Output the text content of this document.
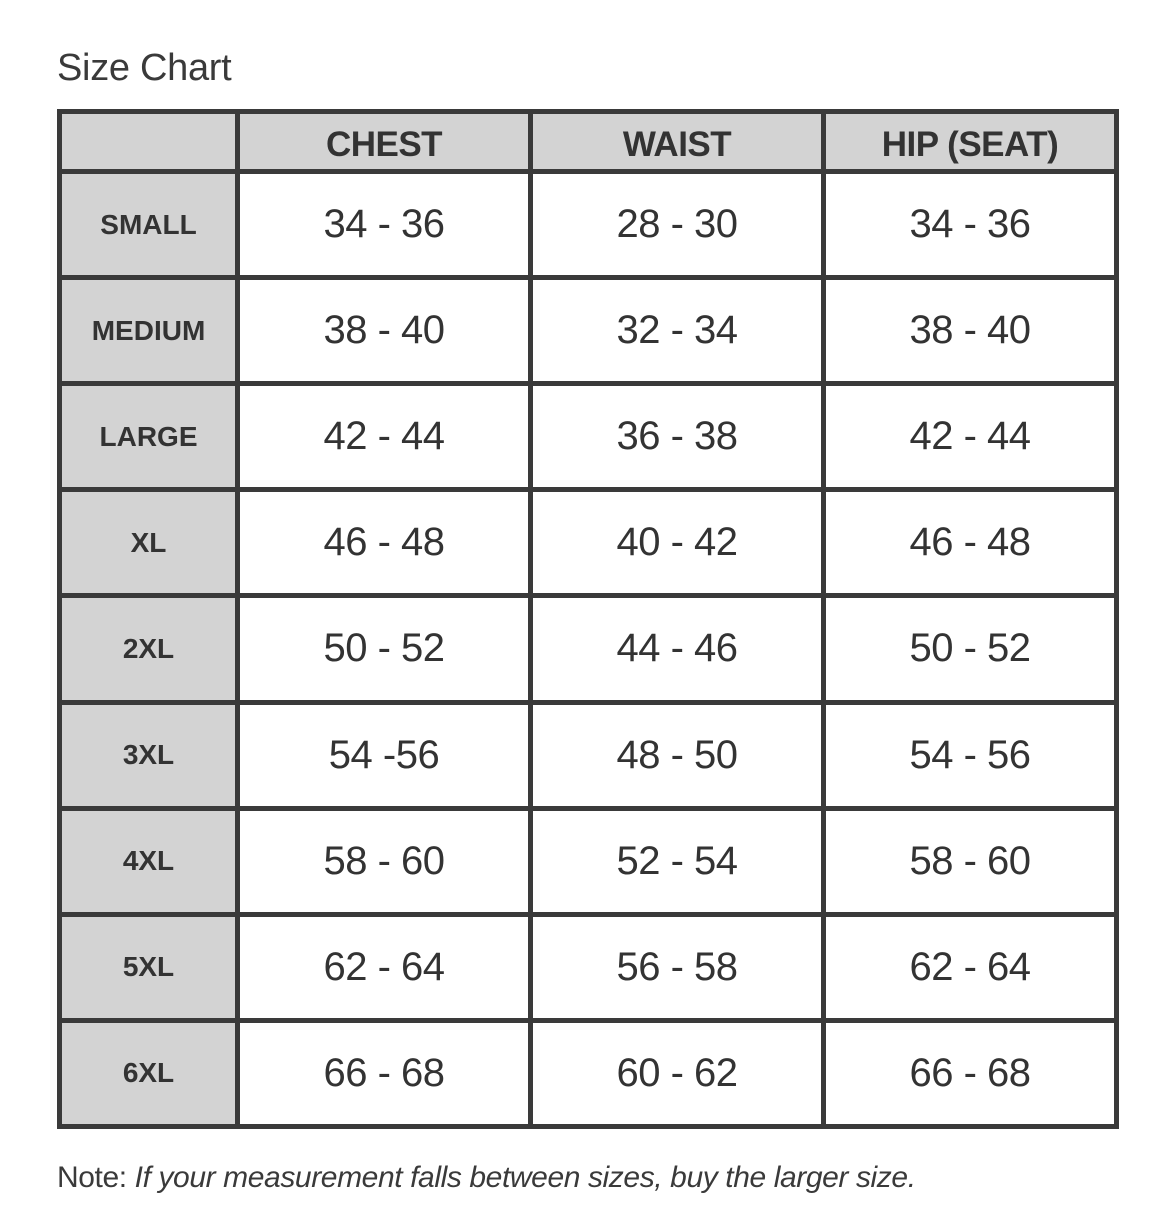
Size Chart
	CHEST	WAIST	HIP (SEAT)
SMALL	34 - 36	28 - 30	34 - 36
MEDIUM	38 - 40	32 - 34	38 - 40
LARGE	42 - 44	36 - 38	42 - 44
XL	46 - 48	40 - 42	46 - 48
2XL	50 - 52	44 - 46	50 - 52
3XL	54 -56	48 - 50	54 - 56
4XL	58 - 60	52 - 54	58 - 60
5XL	62 - 64	56 - 58	62 - 64
6XL	66 - 68	60 - 62	66 - 68
Note: If your measurement falls between sizes, buy the larger size.
